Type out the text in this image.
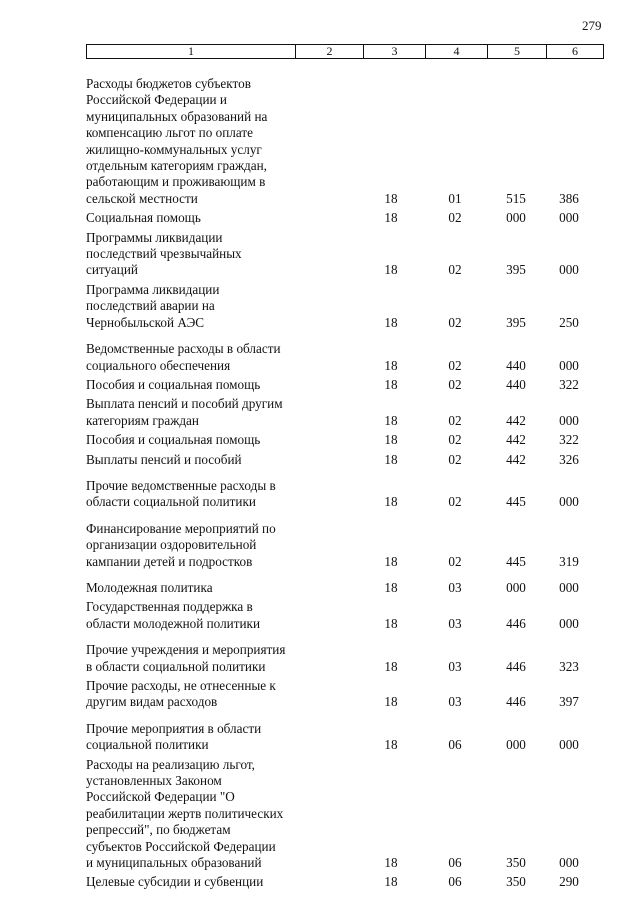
279
1	2	3	4	5	6
Расходы бюджетов субъектов
Российской Федерации и
муниципальных образований на
компенсацию льгот по оплате
жилищно-коммунальных услуг
отдельным категориям граждан,
работающим и проживающим в
сельской местности	18	01	515	386
Социальная помощь	18	02	000	000
Программы ликвидации
последствий чрезвычайных
ситуаций	18	02	395	000
Программа ликвидации
последствий аварии на
Чернобыльской АЭС	18	02	395	250
Ведомственные расходы в области
социального обеспечения	18	02	440	000
Пособия и социальная помощь	18	02	440	322
Выплата пенсий и пособий другим
категориям граждан	18	02	442	000
Пособия и социальная помощь	18	02	442	322
Выплаты пенсий и пособий	18	02	442	326
Прочие ведомственные расходы в
области социальной политики	18	02	445	000
Финансирование мероприятий по
организации оздоровительной
кампании детей и подростков	18	02	445	319
Молодежная политика	18	03	000	000
Государственная поддержка в
области молодежной политики	18	03	446	000
Прочие учреждения и мероприятия
в области социальной политики	18	03	446	323
Прочие расходы, не отнесенные к
другим видам расходов	18	03	446	397
Прочие мероприятия в области
социальной политики	18	06	000	000
Расходы на реализацию льгот,
установленных Законом
Российской Федерации "О
реабилитации жертв политических
репрессий", по бюджетам
субъектов Российской Федерации
и муниципальных образований	18	06	350	000
Целевые субсидии и субвенции	18	06	350	290
